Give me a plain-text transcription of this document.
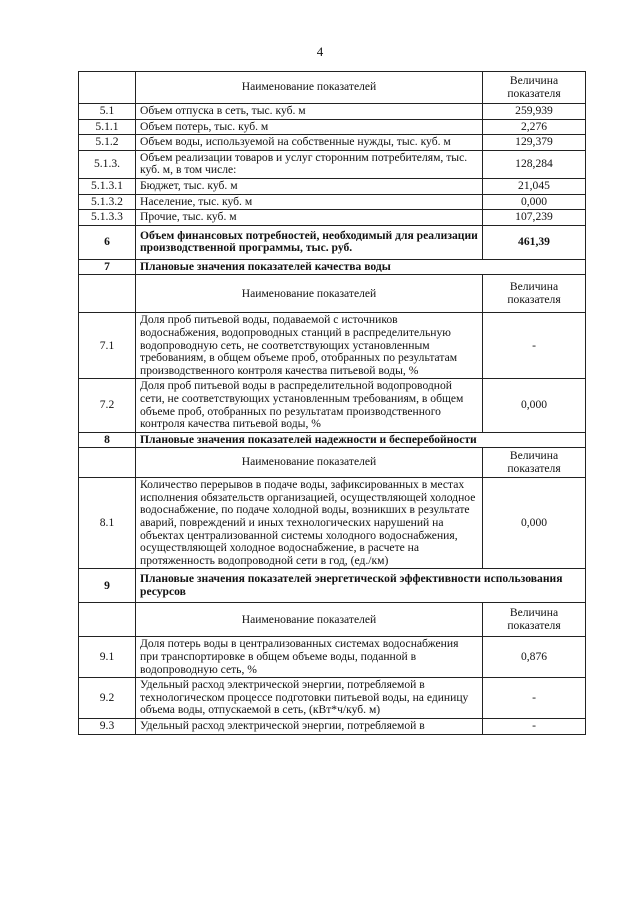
4
	Наименование показателей	Величина показателя
5.1	Объем отпуска в сеть, тыс. куб. м	259,939
5.1.1	Объем потерь, тыс. куб. м	2,276
5.1.2	Объем воды, используемой на собственные нужды, тыс. куб. м	129,379
5.1.3.	Объем реализации товаров и услуг сторонним потребителям, тыс. куб. м, в том числе:	128,284
5.1.3.1	Бюджет, тыс. куб. м	21,045
5.1.3.2	Население, тыс. куб. м	0,000
5.1.3.3	Прочие, тыс. куб. м	107,239
6	Объем финансовых потребностей, необходимый для реализации производственной программы, тыс. руб.	461,39
7	Плановые значения показателей качества воды	
	Наименование показателей	Величина показателя
7.1	Доля проб питьевой воды, подаваемой с источников водоснабжения, водопроводных станций в распределительную водопроводную сеть, не соответствующих установленным требованиям, в общем объеме проб, отобранных по результатам производственного контроля качества питьевой воды, %	-
7.2	Доля проб питьевой воды в распределительной водопроводной сети, не соответствующих установленным требованиям, в общем объеме проб, отобранных по результатам производственного контроля качества питьевой воды, %	0,000
8	Плановые значения показателей надежности и бесперебойности	
	Наименование показателей	Величина показателя
8.1	Количество перерывов в подаче воды, зафиксированных в местах исполнения обязательств организацией, осуществляющей холодное водоснабжение, по подаче холодной воды, возникших в результате аварий, повреждений и иных технологических нарушений на объектах централизованной системы холодного водоснабжения, осуществляющей холодное водоснабжение, в расчете на протяженность водопроводной сети в год, (ед./км)	0,000
9	Плановые значения показателей энергетической эффективности использования ресурсов	
	Наименование показателей	Величина показателя
9.1	Доля потерь воды в централизованных системах водоснабжения при транспортировке в общем объеме воды, поданной в водопроводную сеть, %	0,876
9.2	Удельный расход электрической энергии, потребляемой в технологическом процессе подготовки питьевой воды, на единицу объема воды, отпускаемой в сеть, (кВт*ч/куб. м)	-
9.3	Удельный расход электрической энергии, потребляемой в	-
